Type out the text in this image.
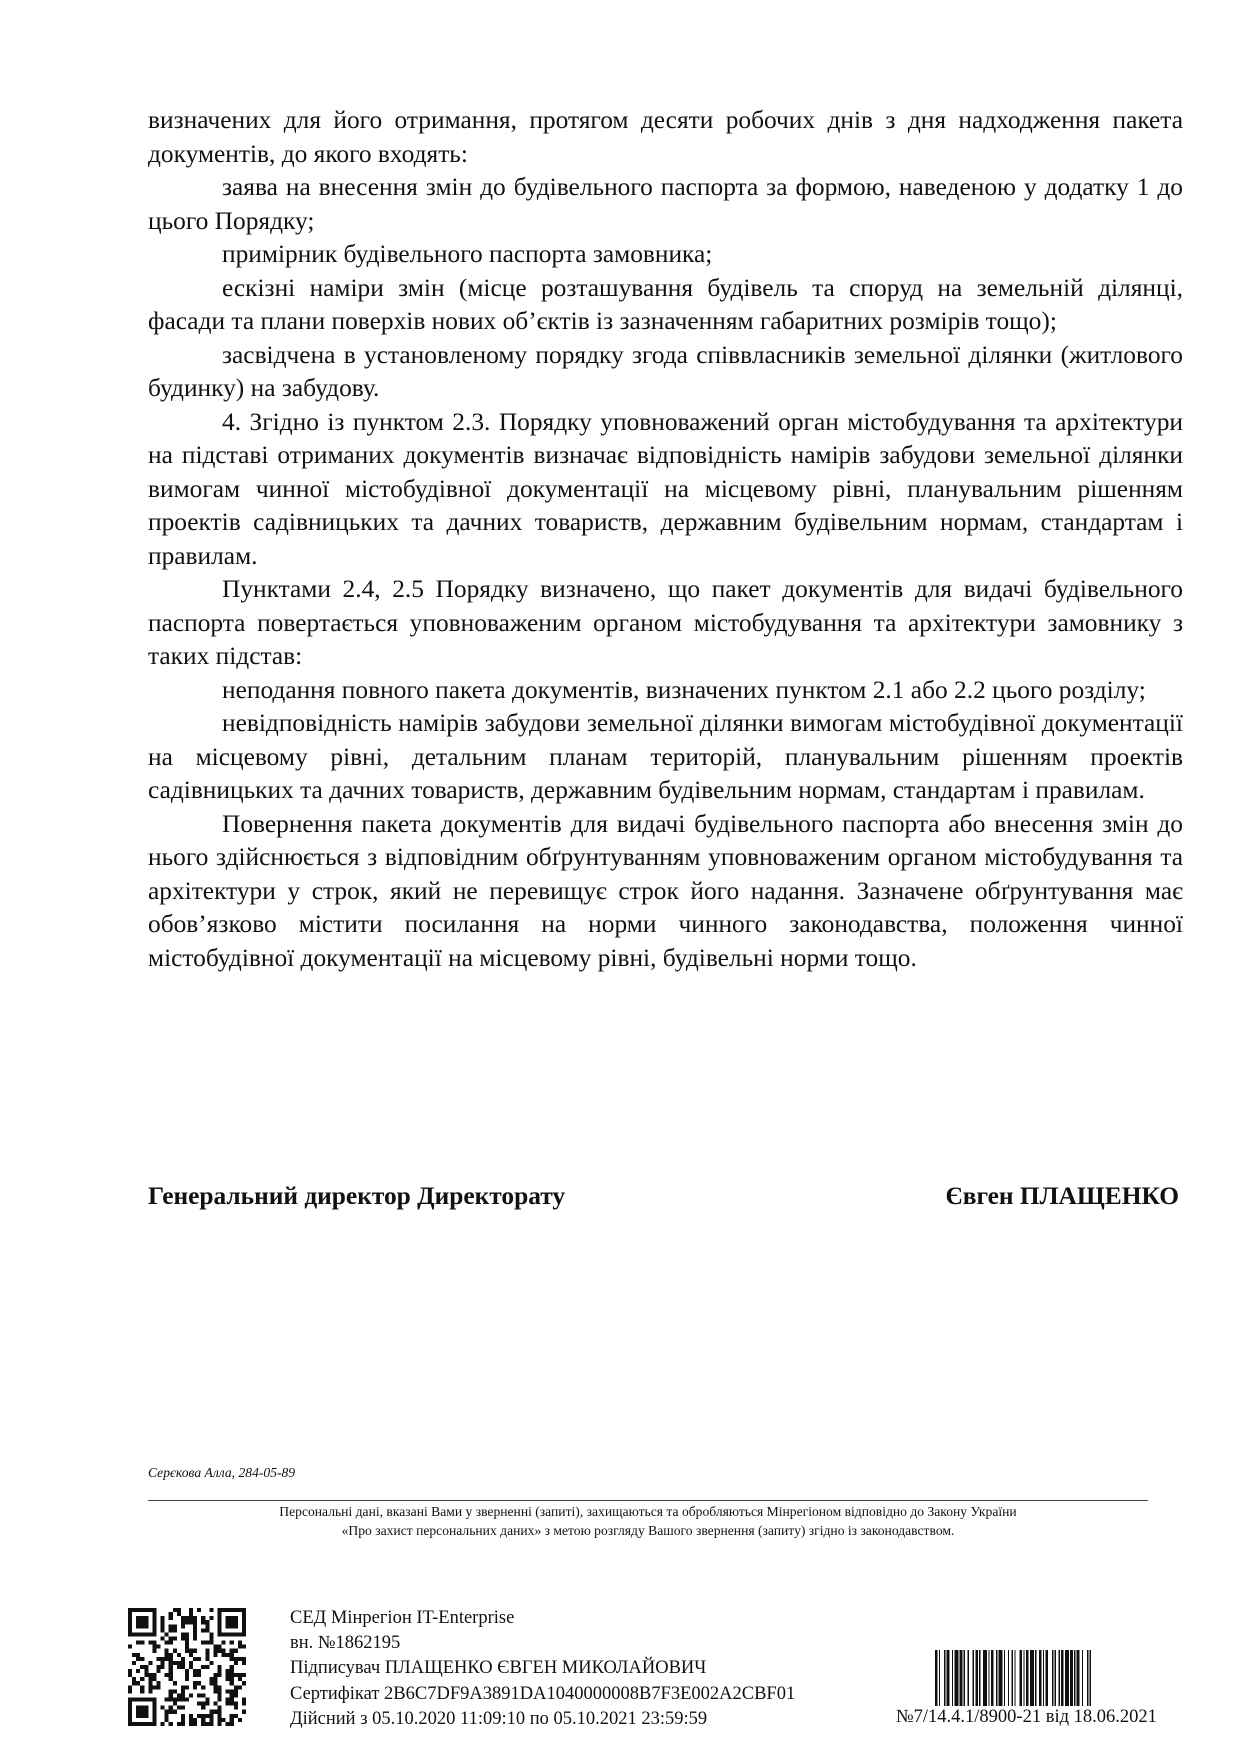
визначених для його отримання, протягом десяти робочих днів з дня надходження пакета документів, до якого входять:

заява на внесення змін до будівельного паспорта за формою, наведеною у додатку 1 до цього Порядку;

примірник будівельного паспорта замовника;

ескізні наміри змін (місце розташування будівель та споруд на земельній ділянці, фасади та плани поверхів нових об’єктів із зазначенням габаритних розмірів тощо);

засвідчена в установленому порядку згода співвласників земельної ділянки (житлового будинку) на забудову.

4. Згідно із пунктом 2.3. Порядку уповноважений орган містобудування та архітектури на підставі отриманих документів визначає відповідність намірів забудови земельної ділянки вимогам чинної містобудівної документації на місцевому рівні, планувальним рішенням проектів садівницьких та дачних товариств, державним будівельним нормам, стандартам і правилам.

Пунктами 2.4, 2.5 Порядку визначено, що пакет документів для видачі будівельного паспорта повертається уповноваженим органом містобудування та архітектури замовнику з таких підстав:

неподання повного пакета документів, визначених пунктом 2.1 або 2.2 цього розділу;

невідповідність намірів забудови земельної ділянки вимогам містобудівної документації на місцевому рівні, детальним планам територій, планувальним рішенням проектів садівницьких та дачних товариств, державним будівельним нормам, стандартам і правилам.

Повернення пакета документів для видачі будівельного паспорта або внесення змін до нього здійснюється з відповідним обґрунтуванням уповноваженим органом містобудування та архітектури у строк, який не перевищує строк його надання. Зазначене обґрунтування має обов’язково містити посилання на норми чинного законодавства, положення чинної містобудівної документації на місцевому рівні, будівельні норми тощо.

Генеральний директор Директорату	Євген ПЛАЩЕНКО
Серєкова Алла, 284-05-89

Персональні дані, вказані Вами у зверненні (запиті), захищаються та обробляються Мінрегіоном відповідно до Закону України

«Про захист персональних даних» з метою розгляду Вашого звернення (запиту) згідно із законодавством.

СЕД Мінрегіон IT-Enterprise
вн. №1862195
Підписувач ПЛАЩЕНКО ЄВГЕН МИКОЛАЙОВИЧ
Сертифікат 2B6C7DF9A3891DA1040000008B7F3E002A2CBF01
Дійсний з 05.10.2020 11:09:10 по 05.10.2021 23:59:59	№7/14.4.1/8900-21 від 18.06.2021
